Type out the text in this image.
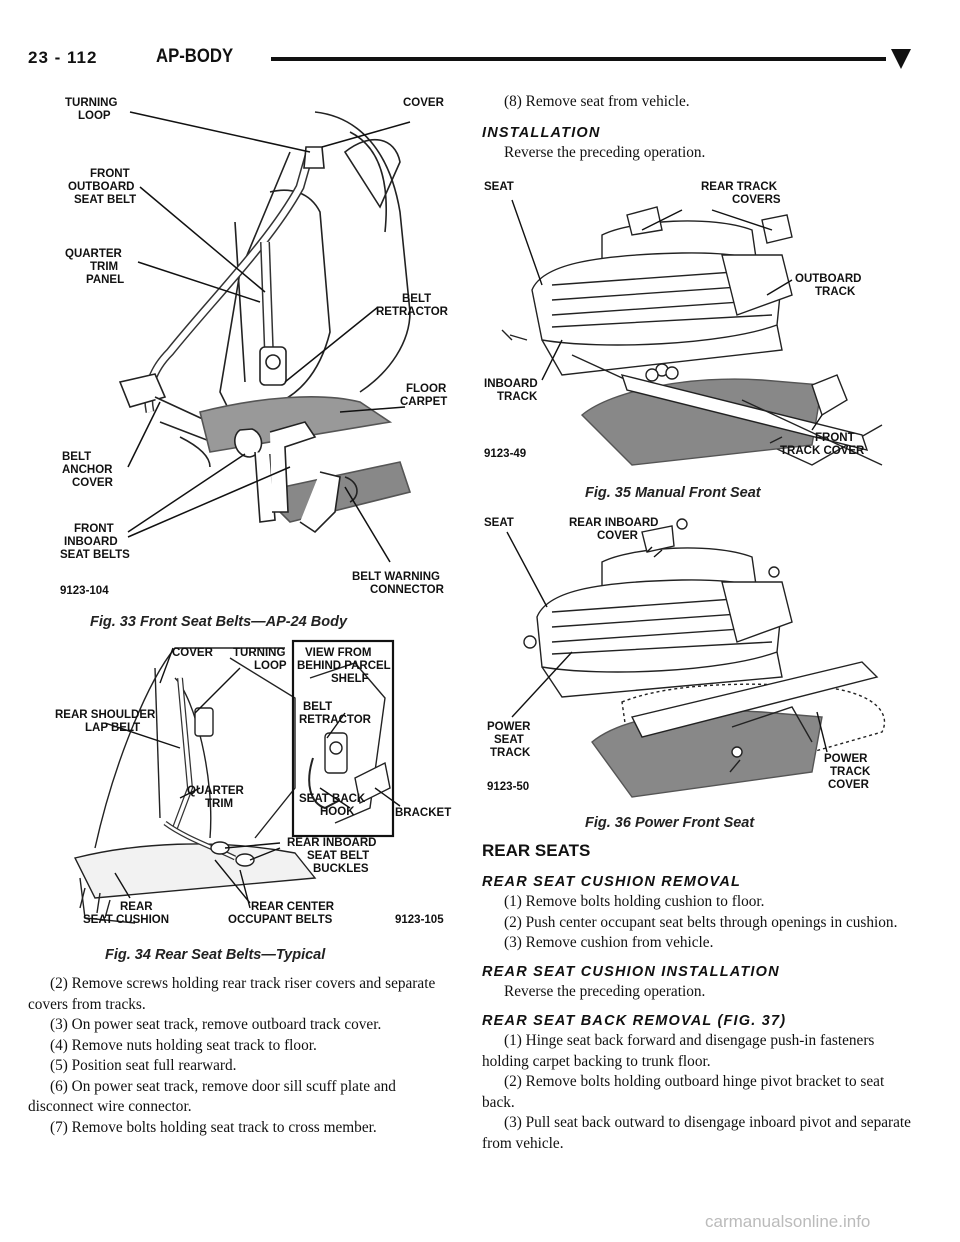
23 - 112	AP-BODY
TURNING
LOOP
COVER
FRONT
OUTBOARD
SEAT BELT
QUARTER
TRIM
PANEL
BELT
RETRACTOR
FLOOR
CARPET
BELT
ANCHOR
COVER
FRONT
INBOARD
SEAT BELTS
BELT WARNING
CONNECTOR
9123-104
Fig. 33 Front Seat Belts—AP-24 Body
COVER TURNING
LOOP
VIEW FROM
BEHIND PARCEL
SHELF
REAR SHOULDER
LAP BELT
BELT
RETRACTOR
QUARTER
TRIM	SEAT BACK
HOOK	BRACKET
REAR INBOARD
SEAT BELT
BUCKLES
REAR
SEAT CUSHION
REAR CENTER
OCCUPANT BELTS	9123-105
Fig. 34 Rear Seat Belts—Typical

(2) Remove screws holding rear track riser covers and separate covers from tracks.

(3) On power seat track, remove outboard track cover.

(4) Remove nuts holding seat track to floor.

(5) Position seat full rearward.

(6) On power seat track, remove door sill scuff plate and disconnect wire connector.

(7) Remove bolts holding seat track to cross member.

(8) Remove seat from vehicle.

INSTALLATION

Reverse the preceding operation.

SEAT	REAR TRACK
COVERS
OUTBOARD
TRACK
INBOARD
TRACK
FRONT
TRACK COVER
9123-49
Fig. 35 Manual Front Seat
SEAT	REAR INBOARD
COVER
POWER
SEAT
TRACK	POWER
TRACK
COVER
9123-50
Fig. 36 Power Front Seat

REAR SEATS

REAR SEAT CUSHION REMOVAL

(1) Remove bolts holding cushion to floor.

(2) Push center occupant seat belts through openings in cushion.

(3) Remove cushion from vehicle.

REAR SEAT CUSHION INSTALLATION

Reverse the preceding operation.

REAR SEAT BACK REMOVAL (FIG. 37)

(1) Hinge seat back forward and disengage push-in fasteners holding carpet backing to trunk floor.

(2) Remove bolts holding outboard hinge pivot bracket to seat back.

(3) Pull seat back outward to disengage inboard pivot and separate from vehicle.

carmanualsonline.info
